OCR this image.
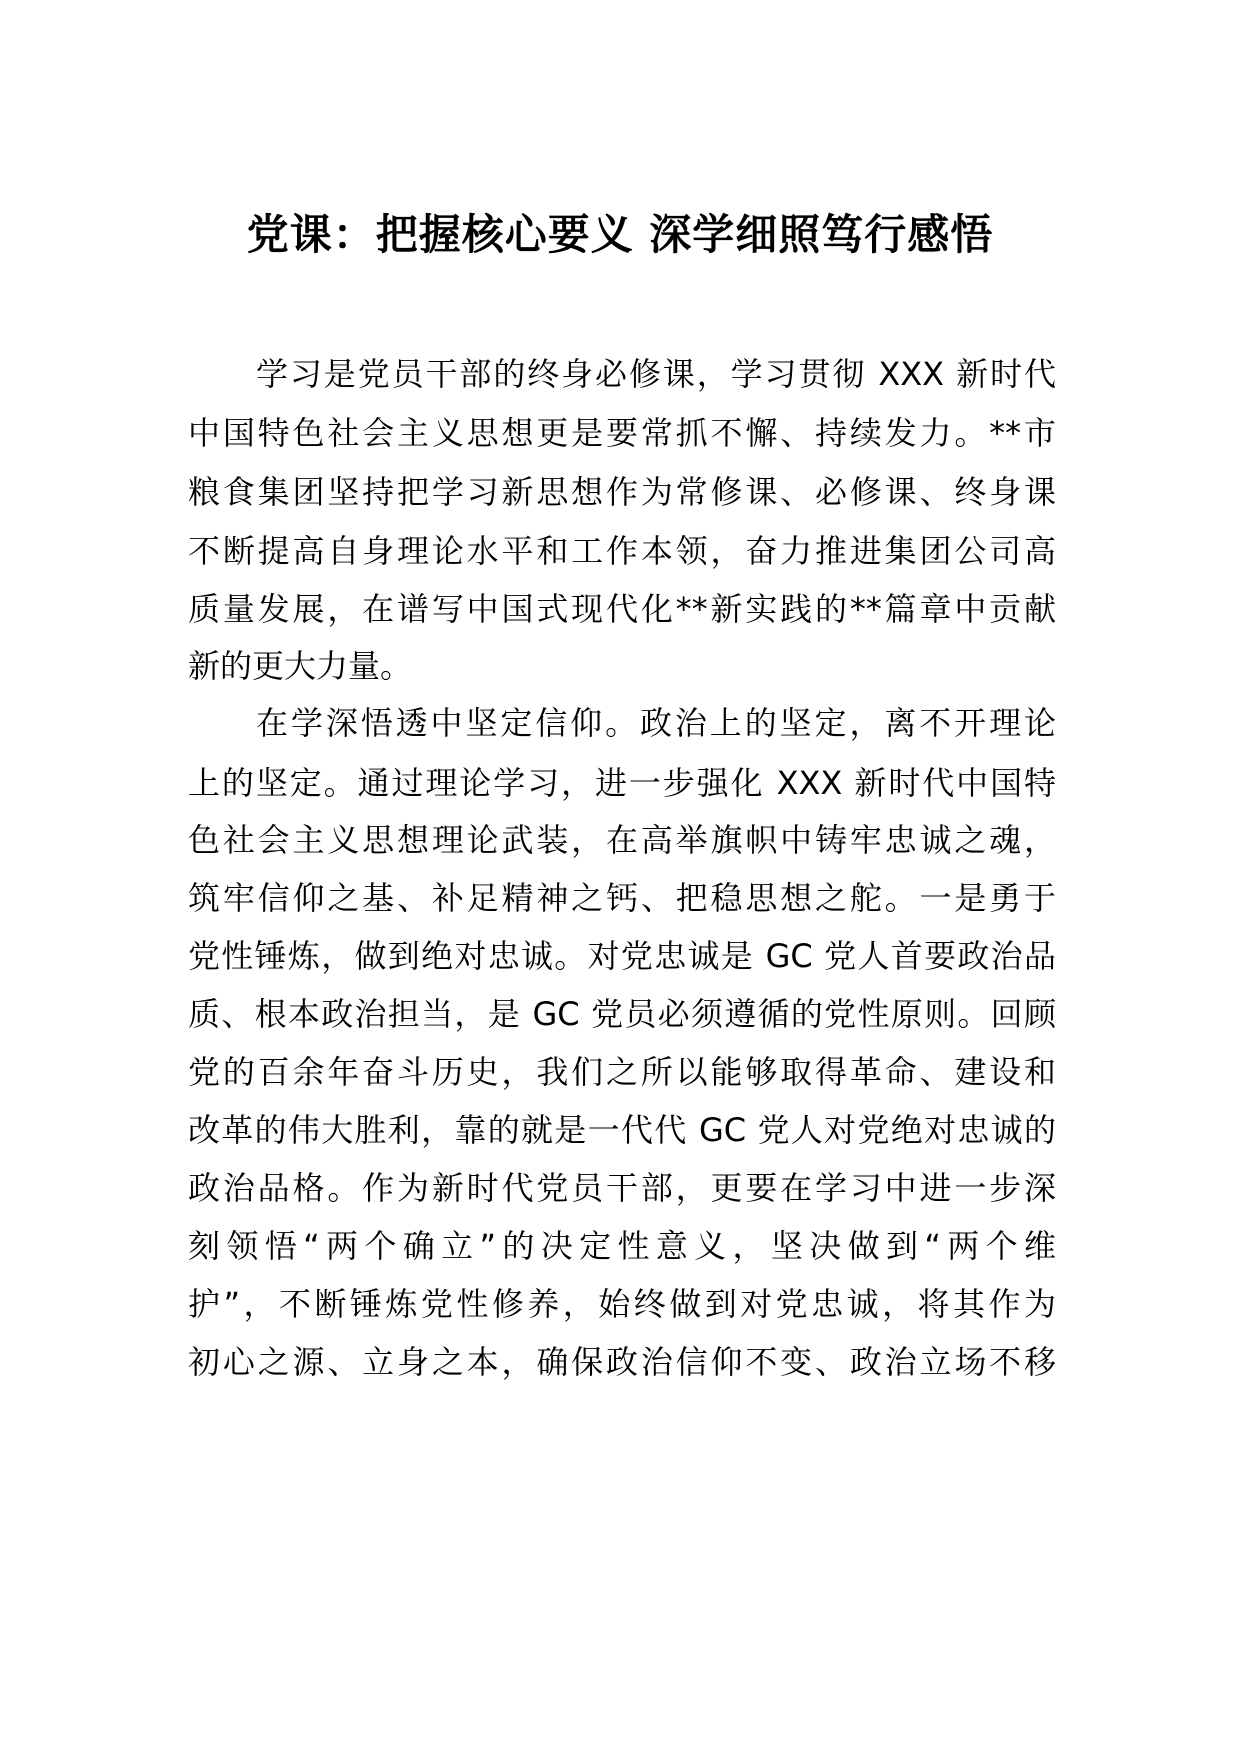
党课：把握核心要义 深学细照笃行感悟

学习是党员干部的终身必修课，学习贯彻 XXX 新时代

中国特色社会主义思想更是要常抓不懈、持续发力。**市

粮食集团坚持把学习新思想作为常修课、必修课、终身课

不断提高自身理论水平和工作本领，奋力推进集团公司高

质量发展，在谱写中国式现代化**新实践的**篇章中贡献

新的更大力量。

在学深悟透中坚定信仰。政治上的坚定，离不开理论

上的坚定。通过理论学习，进一步强化 XXX 新时代中国特

色社会主义思想理论武装，在高举旗帜中铸牢忠诚之魂，

筑牢信仰之基、补足精神之钙、把稳思想之舵。一是勇于

党性锤炼，做到绝对忠诚。对党忠诚是 GC 党人首要政治品

质、根本政治担当，是 GC 党员必须遵循的党性原则。回顾

党的百余年奋斗历史，我们之所以能够取得革命、建设和

改革的伟大胜利，靠的就是一代代 GC 党人对党绝对忠诚的

政治品格。作为新时代党员干部，更要在学习中进一步深

刻领悟“两个确立”的决定性意义，坚决做到“两个维

护”，不断锤炼党性修养，始终做到对党忠诚，将其作为

初心之源、立身之本，确保政治信仰不变、政治立场不移
